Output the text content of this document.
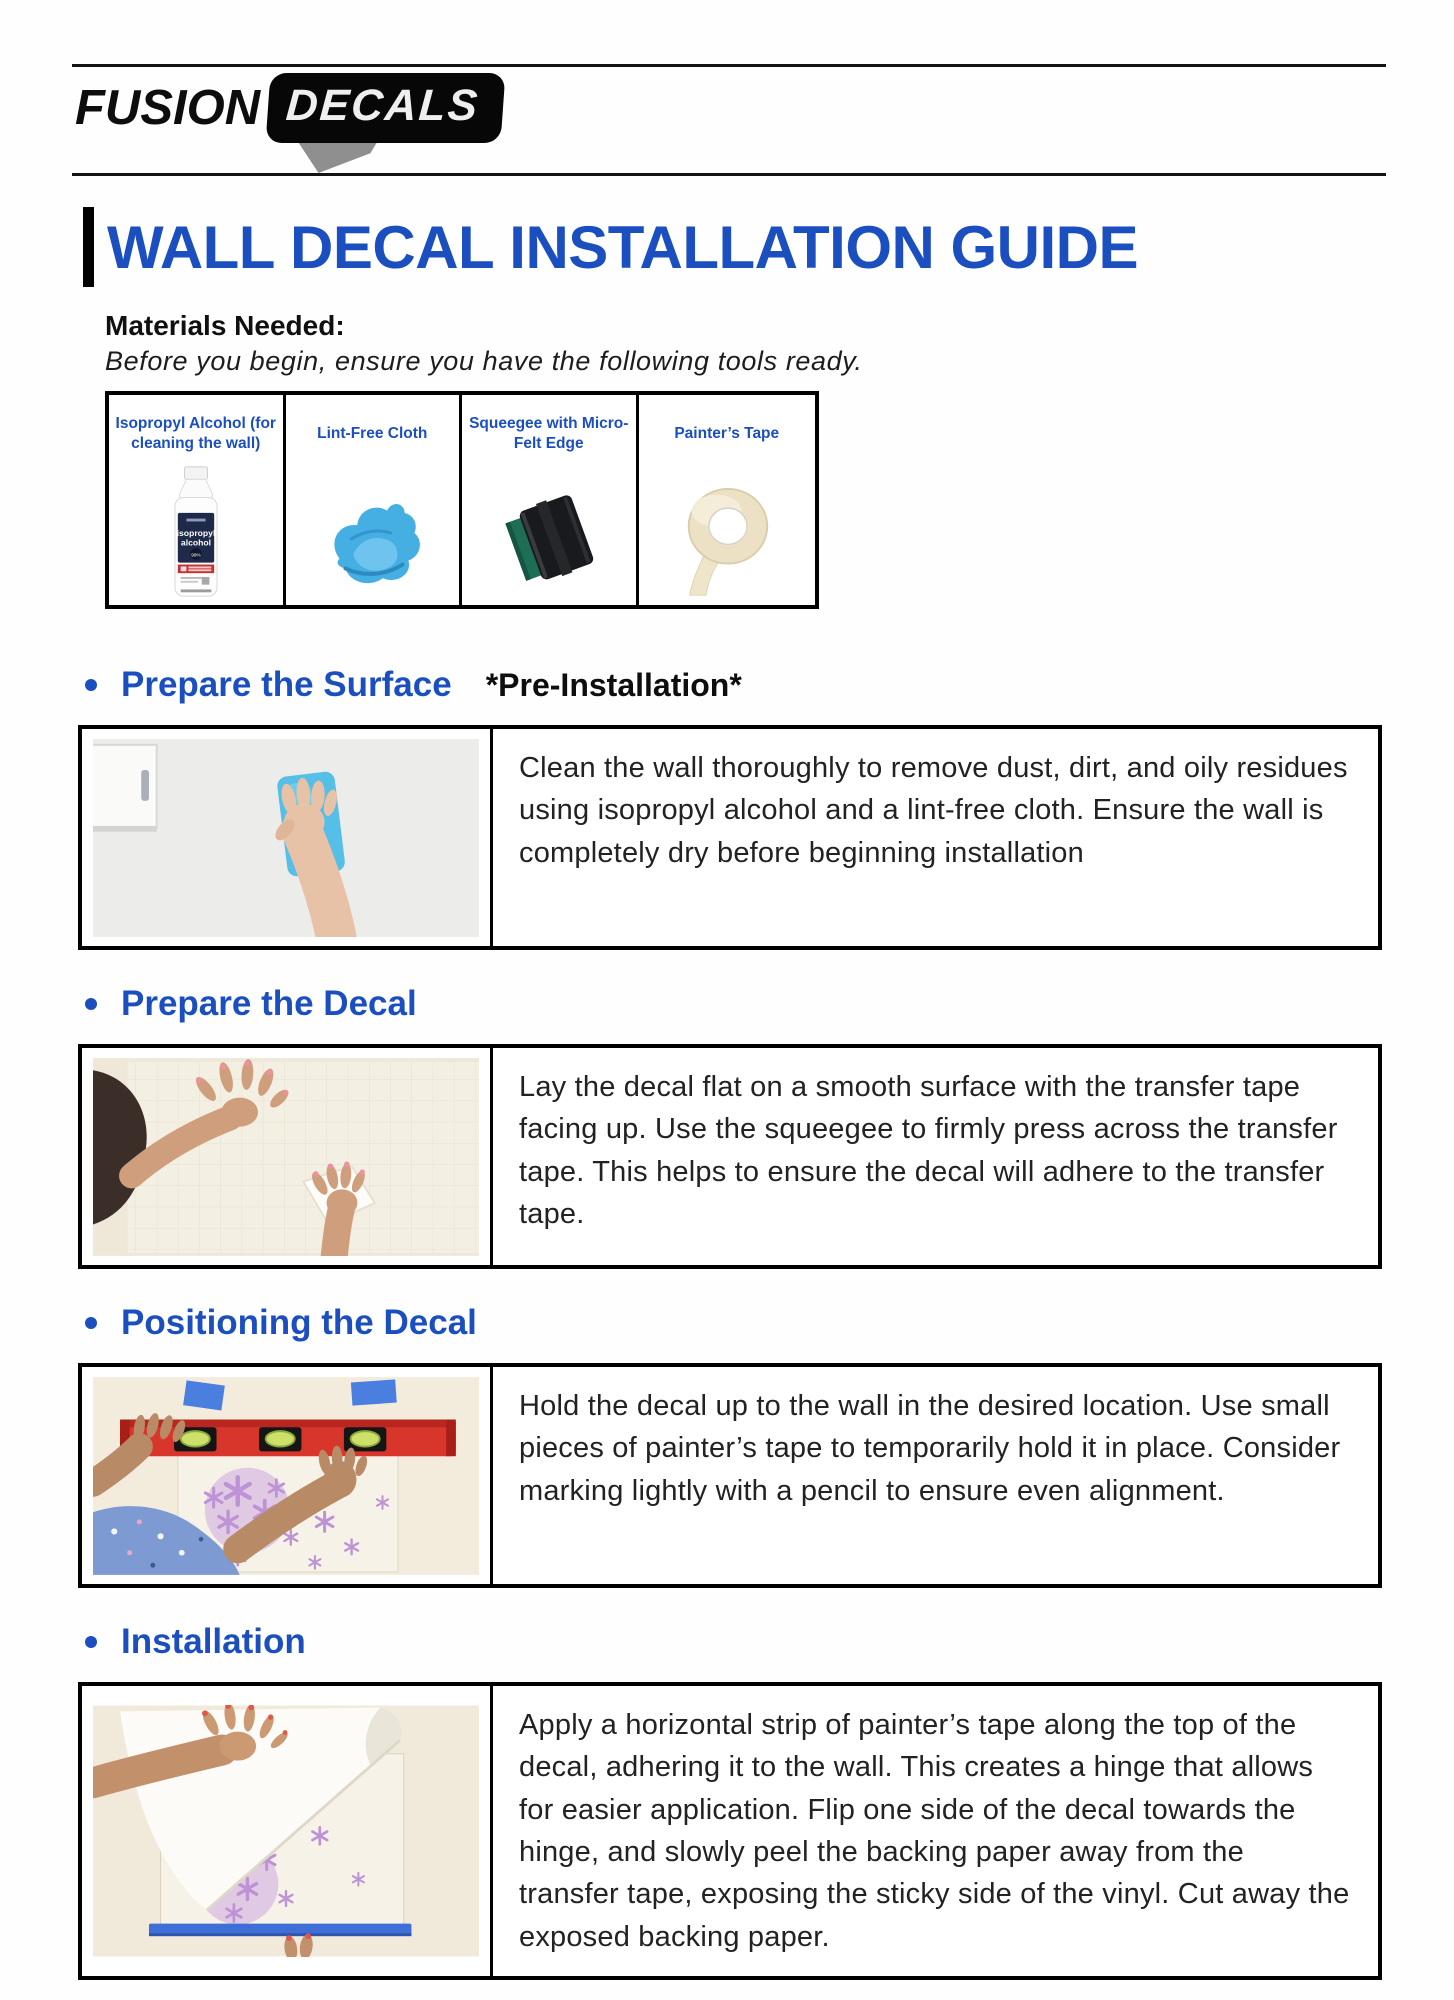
FUSION DECALS
WALL DECAL INSTALLATION GUIDE
Materials Needed:
Before you begin, ensure you have the following tools ready.
Isopropyl Alcohol (for cleaning the wall)
isopropyl
alcohol
99%
Lint-Free Cloth
Squeegee with Micro-Felt Edge
Painter’s Tape
Prepare the Surface *Pre-Installation*
Clean the wall thoroughly to remove dust, dirt, and oily residues using isopropyl alcohol and a lint-free cloth. Ensure the wall is completely dry before beginning installation
Prepare the Decal
Lay the decal flat on a smooth surface with the transfer tape facing up. Use the squeegee to firmly press across the transfer tape. This helps to ensure the decal will adhere to the transfer tape.
Positioning the Decal
Hold the decal up to the wall in the desired location. Use small pieces of painter’s tape to temporarily hold it in place. Consider marking lightly with a pencil to ensure even alignment.
Installation
Apply a horizontal strip of painter’s tape along the top of the decal, adhering it to the wall. This creates a hinge that allows for easier application. Flip one side of the decal towards the hinge, and slowly peel the backing paper away from the transfer tape, exposing the sticky side of the vinyl. Cut away the exposed backing paper.
